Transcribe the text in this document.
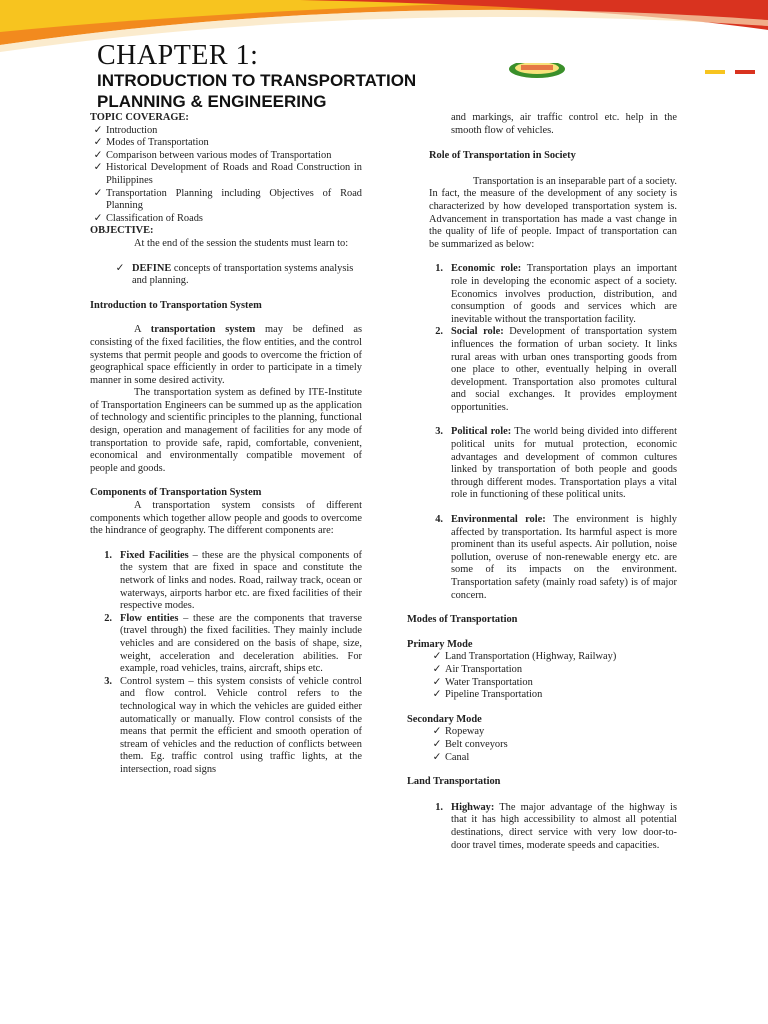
CHAPTER 1:
INTRODUCTION TO TRANSPORTATION
PLANNING & ENGINEERING
TOPIC COVERAGE:
✓ Introduction
✓ Modes of Transportation
✓ Comparison between various modes of Transportation
✓ Historical Development of Roads and Road Construction in Philippines
✓ Transportation Planning including Objectives of Road Planning
✓ Classification of Roads
OBJECTIVE:

At the end of the session the students must learn to:

✓ DEFINE concepts of transportation systems analysis and planning.
Introduction to Transportation System

A transportation system may be defined as consisting of the fixed facilities, the flow entities, and the control systems that permit people and goods to overcome the friction of geographical space efficiently in order to participate in a timely manner in some desired activity.

The transportation system as defined by ITE-Institute of Transportation Engineers can be summed up as the application of technology and scientific principles to the planning, functional design, operation and management of facilities for any mode of transportation to provide safe, rapid, comfortable, convenient, economical and environmentally compatible movement of people and goods.

Components of Transportation System

A transportation system consists of different components which together allow people and goods to overcome the hindrance of geography. The different components are:

1. Fixed Facilities – these are the physical components of the system that are fixed in space and constitute the network of links and nodes. Road, railway track, ocean or waterways, airports harbor etc. are fixed facilities of their respective modes.
2. Flow entities – these are the components that traverse (travel through) the fixed facilities. They mainly include vehicles and are considered on the basis of shape, size, weight, acceleration and deceleration abilities. For example, road vehicles, trains, aircraft, ships etc.
3. Control system – this system consists of vehicle control and flow control. Vehicle control refers to the technological way in which the vehicles are guided either automatically or manually. Flow control consists of the means that permit the efficient and smooth operation of stream of vehicles and the reduction of conflicts between them. Eg. traffic control using traffic lights, at the intersection, road signs

and markings, air traffic control etc. help in the smooth flow of vehicles.

Role of Transportation in Society

Transportation is an inseparable part of a society. In fact, the measure of the development of any society is characterized by how developed transportation system is. Advancement in transportation has made a vast change in the quality of life of people. Impact of transportation can be summarized as below:

1. Economic role: Transportation plays an important role in developing the economic aspect of a society. Economics involves production, distribution, and consumption of goods and services which are inevitable without the transportation facility.
2. Social role: Development of transportation system influences the formation of urban society. It links rural areas with urban ones transporting goods from one place to other, eventually helping in overall development. Transportation also promotes cultural and social exchanges. It provides employment opportunities.
3. Political role: The world being divided into different political units for mutual protection, economic advantages and development of common cultures linked by transportation of both people and goods through different modes. Transportation plays a vital role in functioning of these political units.
4. Environmental role: The environment is highly affected by transportation. Its harmful aspect is more prominent than its useful aspects. Air pollution, noise pollution, overuse of non-renewable energy etc. are some of its impacts on the environment. Transportation safety (mainly road safety) is of major concern.
Modes of Transportation
Primary Mode
✓ Land Transportation (Highway, Railway)
✓ Air Transportation
✓ Water Transportation
✓ Pipeline Transportation
Secondary Mode
✓ Ropeway
✓ Belt conveyors
✓ Canal
Land Transportation
1. Highway: The major advantage of the highway is that it has high accessibility to almost all potential destinations, direct service with very low door-to-door travel times, moderate speeds and capacities.
